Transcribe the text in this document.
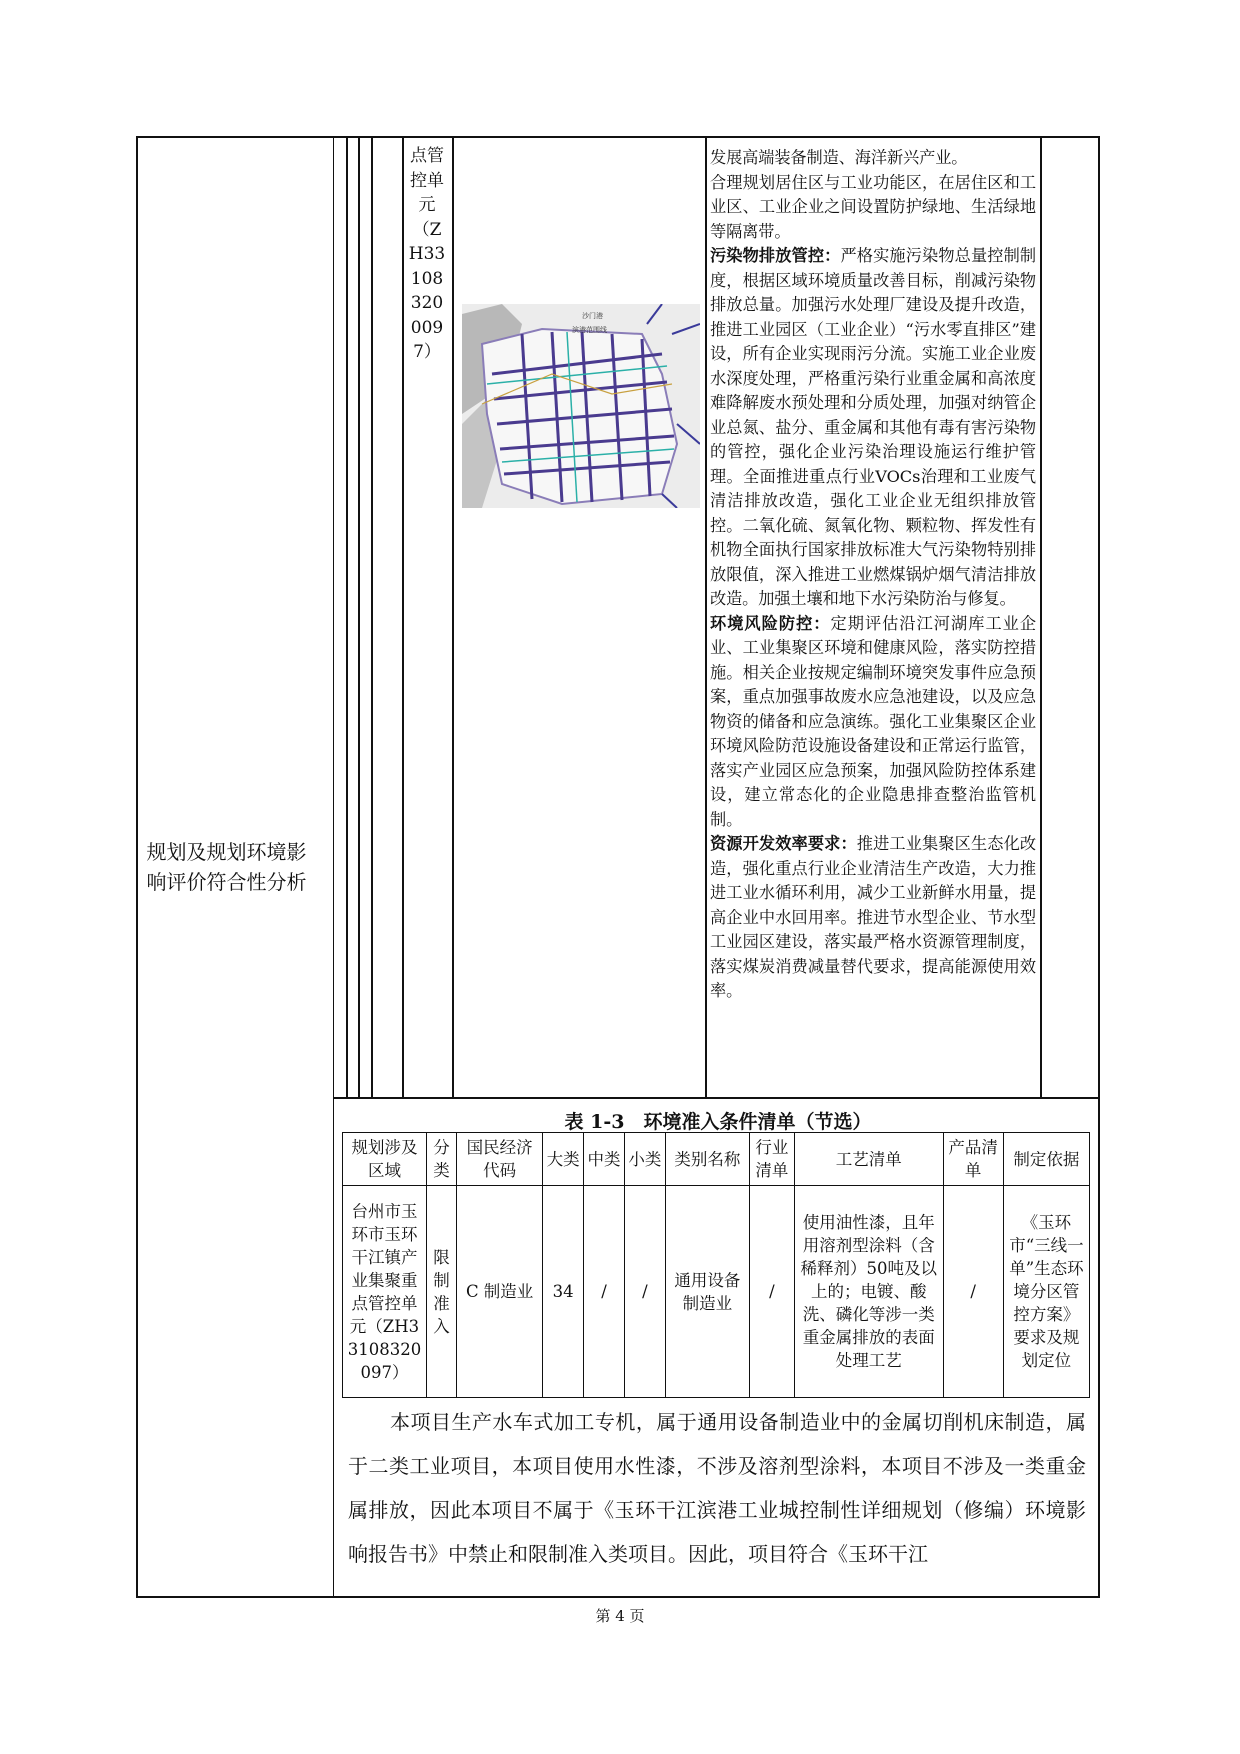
规划及规划环境影响评价符合性分析
点管控单元（ZH331083200097）
沙门港
滨港范围线

发展高端装备制造、海洋新兴产业。

合理规划居住区与工业功能区，在居住区和工业区、工业企业之间设置防护绿地、生活绿地等隔离带。

污染物排放管控：严格实施污染物总量控制制度，根据区域环境质量改善目标，削减污染物排放总量。加强污水处理厂建设及提升改造，推进工业园区（工业企业）“污水零直排区”建设，所有企业实现雨污分流。实施工业企业废水深度处理，严格重污染行业重金属和高浓度难降解废水预处理和分质处理，加强对纳管企业总氮、盐分、重金属和其他有毒有害污染物的管控，强化企业污染治理设施运行维护管理。全面推进重点行业VOCs治理和工业废气清洁排放改造，强化工业企业无组织排放管控。二氧化硫、氮氧化物、颗粒物、挥发性有机物全面执行国家排放标准大气污染物特别排放限值，深入推进工业燃煤锅炉烟气清洁排放改造。加强土壤和地下水污染防治与修复。

环境风险防控：定期评估沿江河湖库工业企业、工业集聚区环境和健康风险，落实防控措施。相关企业按规定编制环境突发事件应急预案，重点加强事故废水应急池建设，以及应急物资的储备和应急演练。强化工业集聚区企业环境风险防范设施设备建设和正常运行监管，落实产业园区应急预案，加强风险防控体系建设，建立常态化的企业隐患排查整治监管机制。

资源开发效率要求：推进工业集聚区生态化改造，强化重点行业企业清洁生产改造，大力推进工业水循环利用，减少工业新鲜水用量，提高企业中水回用率。推进节水型企业、节水型工业园区建设，落实最严格水资源管理制度，落实煤炭消费减量替代要求，提高能源使用效率。

表 1-3　环境准入条件清单（节选）
规划涉及区域	分类	国民经济代码	大类	中类	小类	类别名称	行业清单	工艺清单	产品清单	制定依据
台州市玉环市玉环干江镇产业集聚重点管控单元（ZH33108320097）	限制准入	C 制造业	34	/	/	通用设备制造业	/	使用油性漆，且年用溶剂型涂料（含稀释剂）50吨及以上的；电镀、酸洗、磷化等涉一类重金属排放的表面处理工艺	/	《玉环市“三线一单”生态环境分区管控方案》要求及规划定位

本项目生产水车式加工专机，属于通用设备制造业中的金属切削机床制造，属于二类工业项目，本项目使用水性漆，不涉及溶剂型涂料，本项目不涉及一类重金属排放，因此本项目不属于《玉环干江滨港工业城控制性详细规划（修编）环境影响报告书》中禁止和限制准入类项目。因此，项目符合《玉环干江

第 4 页
